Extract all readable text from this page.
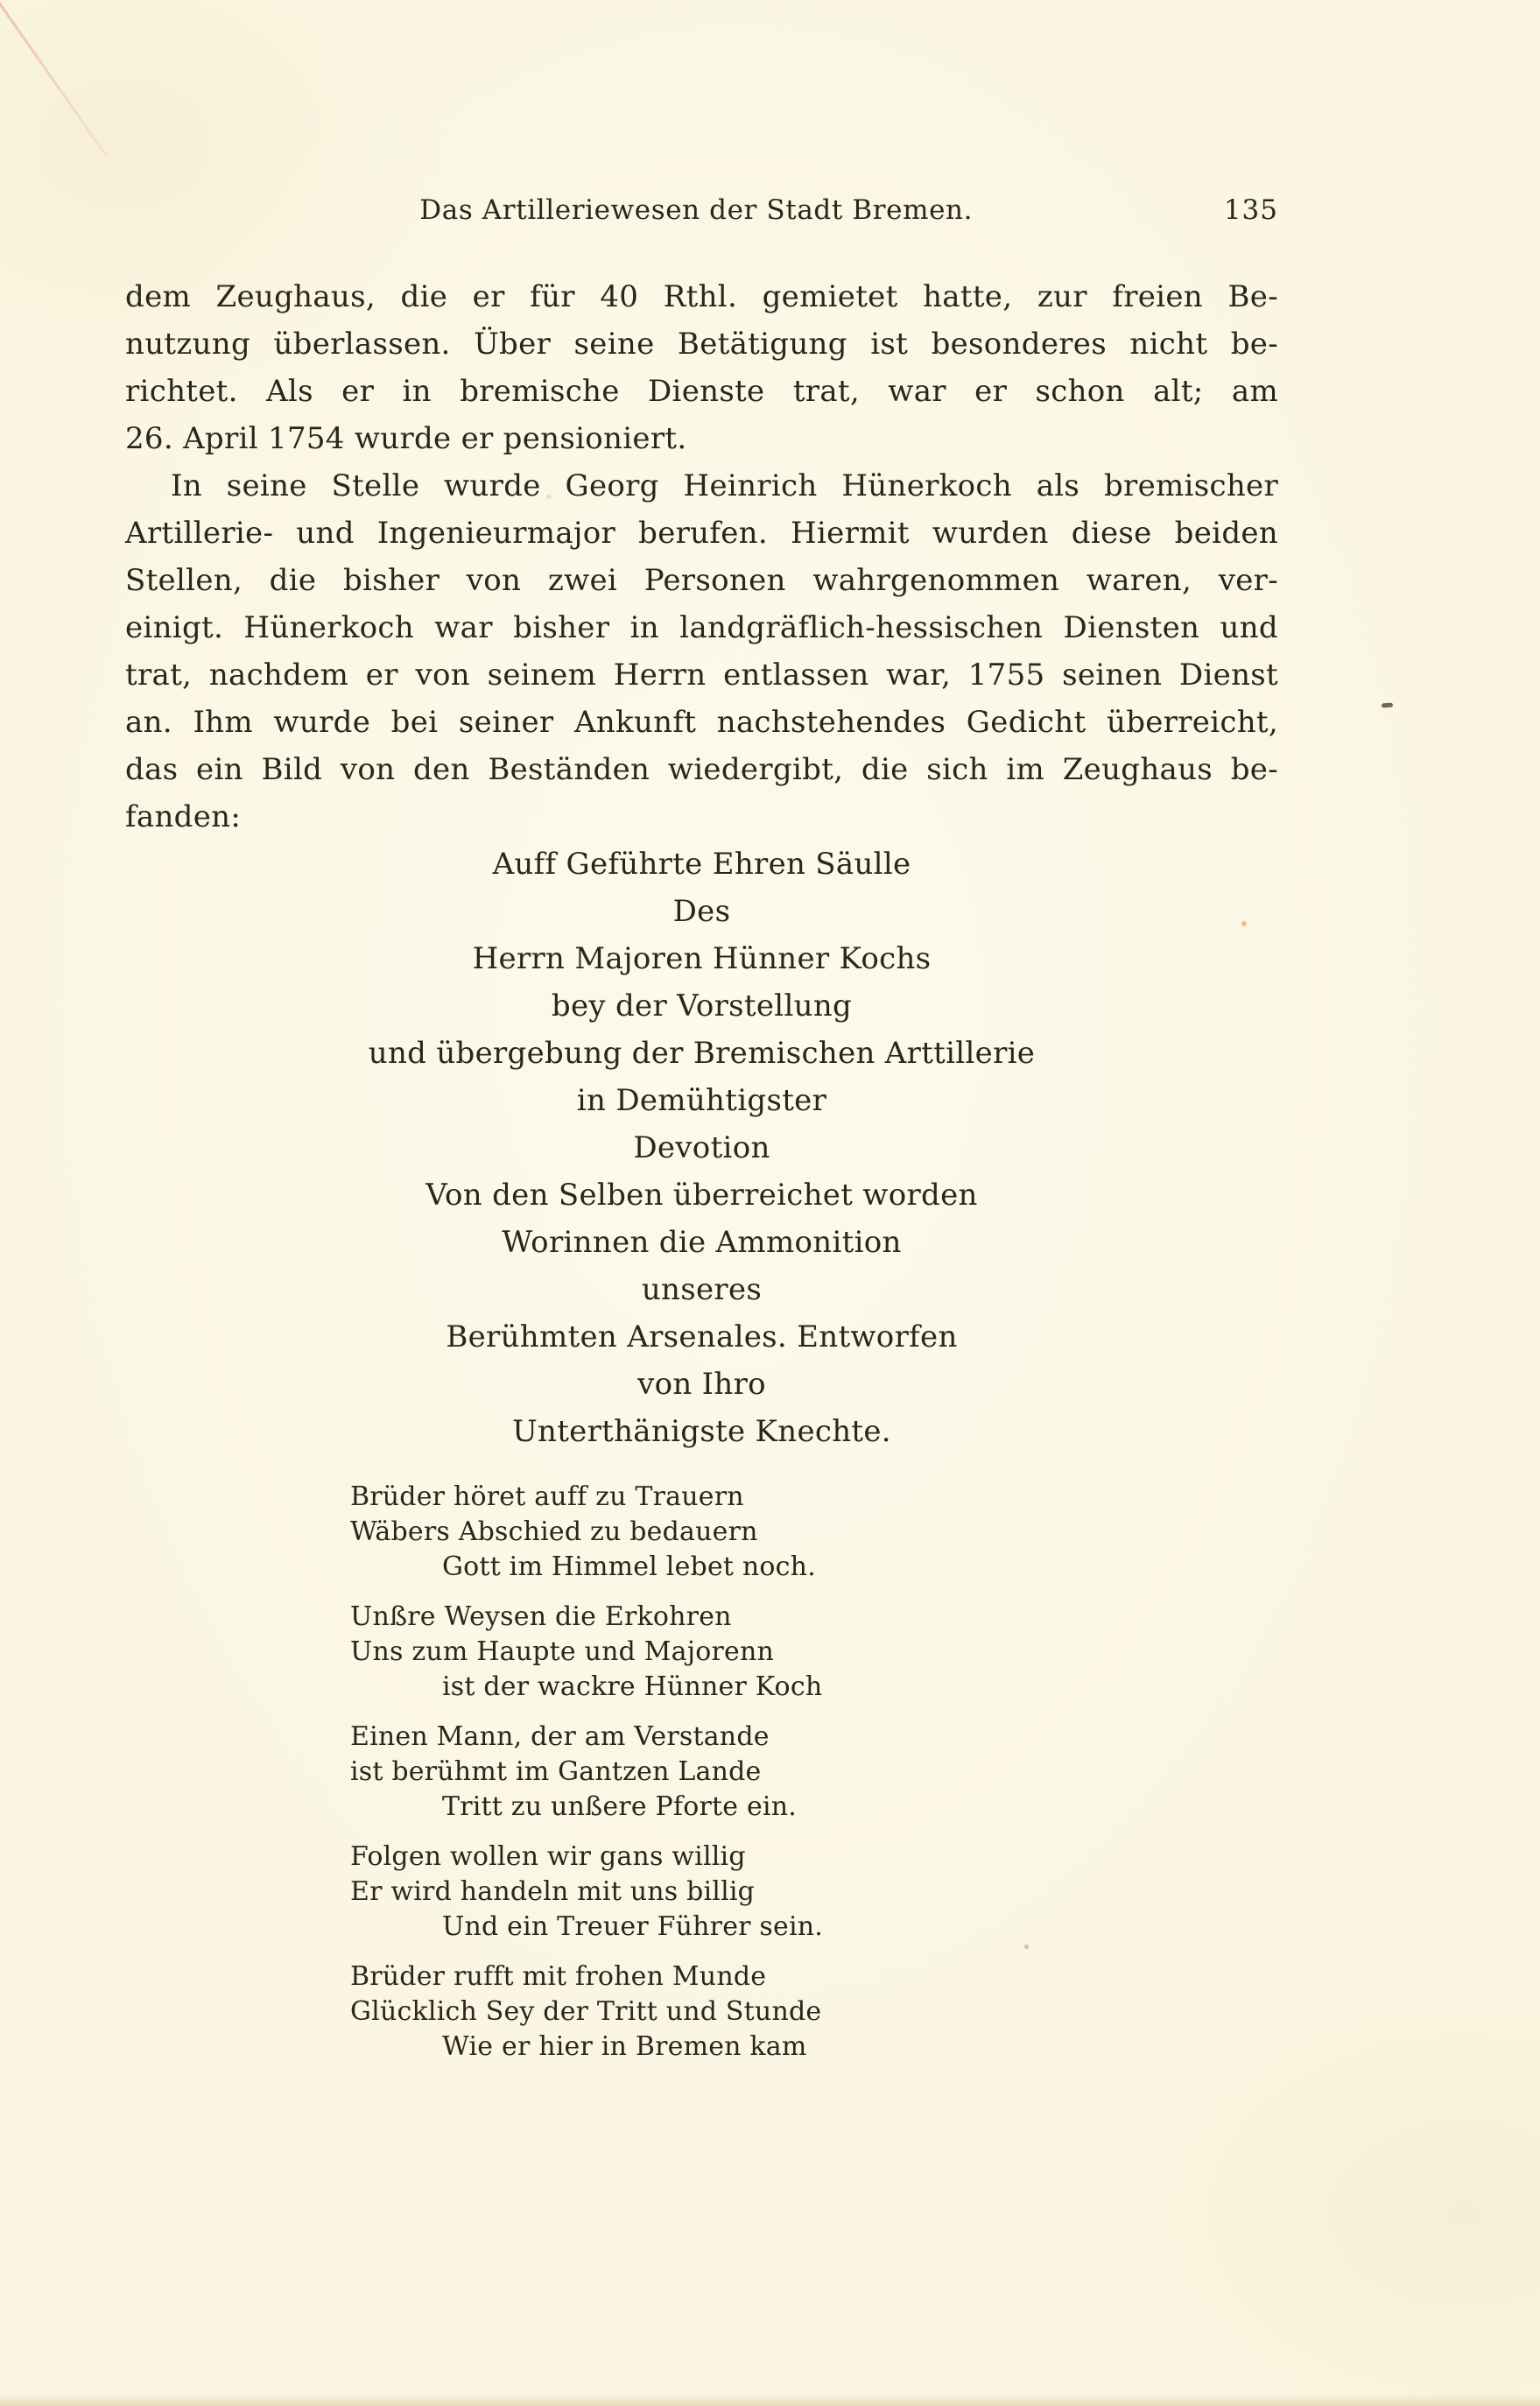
Das Artilleriewesen der Stadt Bremen.	135
dem Zeughaus, die er für 40 Rthl. gemietet hatte, zur freien Be-
nutzung überlassen. Über seine Betätigung ist besonderes nicht be-
richtet. Als er in bremische Dienste trat, war er schon alt; am
26. April 1754 wurde er pensioniert.
In seine Stelle wurde Georg Heinrich Hünerkoch als bremischer
Artillerie- und Ingenieurmajor berufen. Hiermit wurden diese beiden
Stellen, die bisher von zwei Personen wahrgenommen waren, ver-
einigt. Hünerkoch war bisher in landgräflich-hessischen Diensten und
trat, nachdem er von seinem Herrn entlassen war, 1755 seinen Dienst
an. Ihm wurde bei seiner Ankunft nachstehendes Gedicht überreicht,
das ein Bild von den Beständen wiedergibt, die sich im Zeughaus be-
fanden:
Auff Geführte Ehren Säulle
Des
Herrn Majoren Hünner Kochs
bey der Vorstellung
und übergebung der Bremischen Arttillerie
in Demühtigster
Devotion
Von den Selben überreichet worden
Worinnen die Ammonition
unseres
Berühmten Arsenales. Entworfen
von Ihro
Unterthänigste Knechte.
Brüder höret auff zu Trauern
Wäbers Abschied zu bedauern
Gott im Himmel lebet noch.
Unßre Weysen die Erkohren
Uns zum Haupte und Majorenn
ist der wackre Hünner Koch
Einen Mann, der am Verstande
ist berühmt im Gantzen Lande
Tritt zu unßere Pforte ein.
Folgen wollen wir gans willig
Er wird handeln mit uns billig
Und ein Treuer Führer sein.
Brüder rufft mit frohen Munde
Glücklich Sey der Tritt und Stunde
Wie er hier in Bremen kam
